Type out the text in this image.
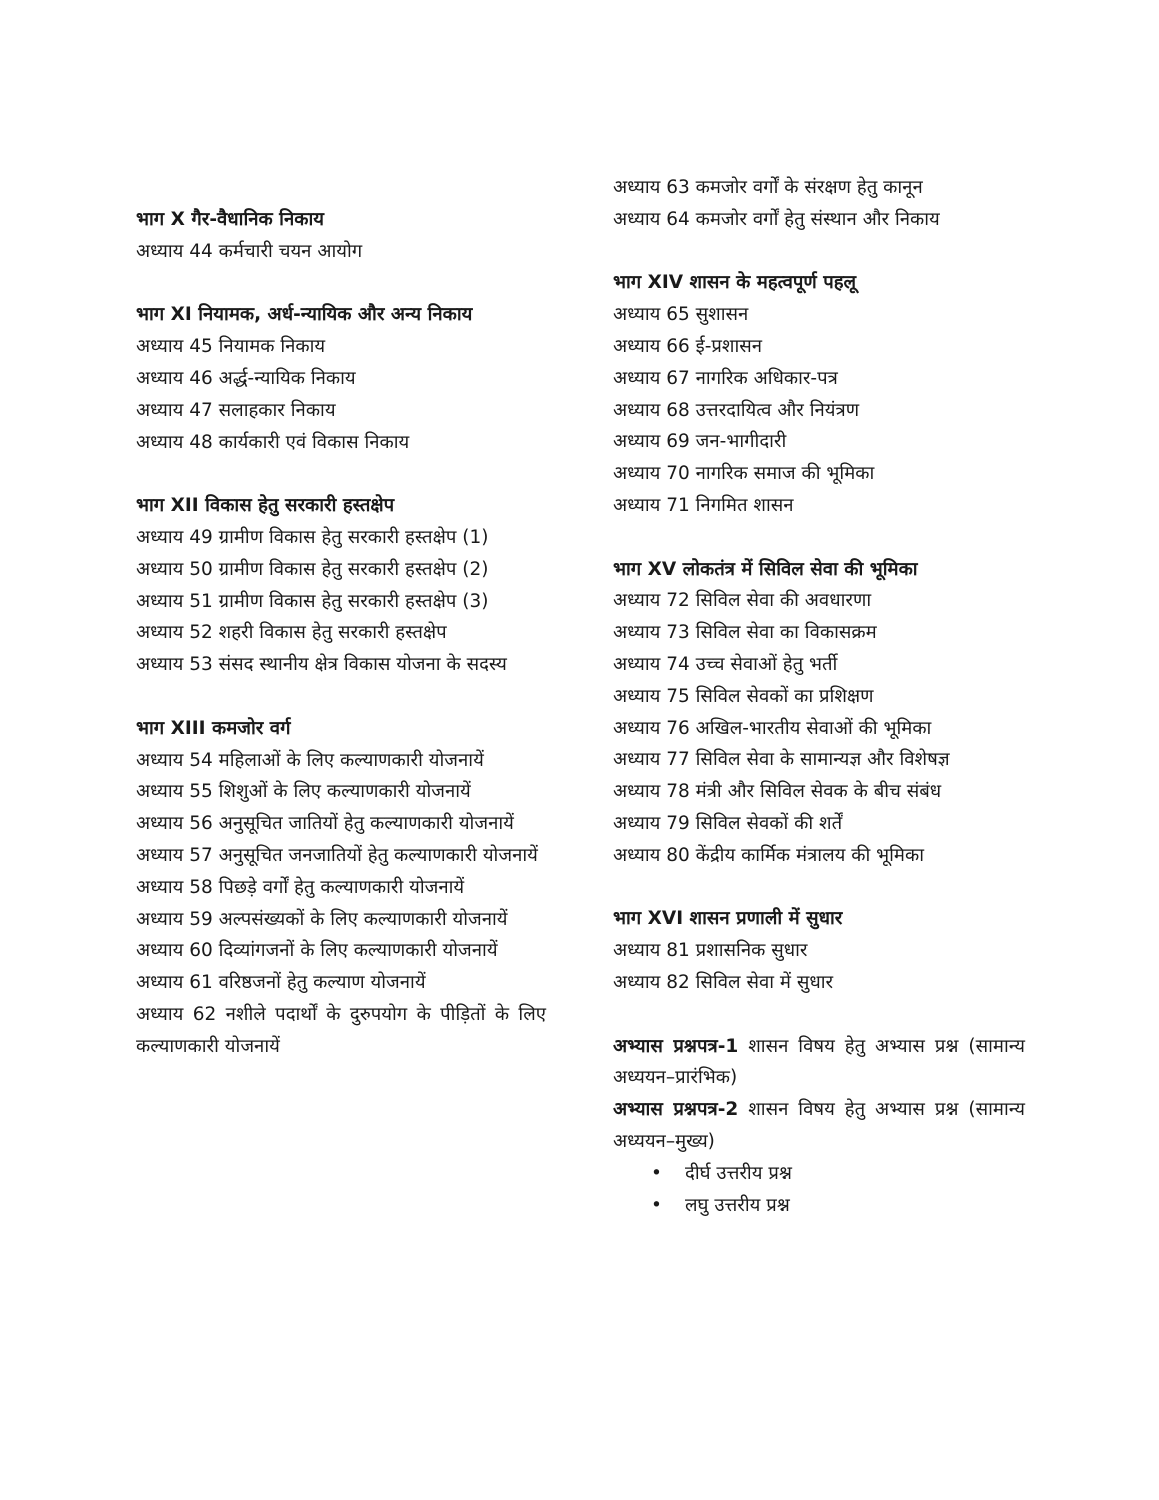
भाग X गैर-वैधानिक निकाय
अध्याय 44 कर्मचारी चयन आयोग
भाग XI नियामक, अर्ध-न्यायिक और अन्य निकाय
अध्याय 45 नियामक निकाय
अध्याय 46 अर्द्ध-न्यायिक निकाय
अध्याय 47 सलाहकार निकाय
अध्याय 48 कार्यकारी एवं विकास निकाय
भाग XII विकास हेतु सरकारी हस्तक्षेप
अध्याय 49 ग्रामीण विकास हेतु सरकारी हस्तक्षेप (1)
अध्याय 50 ग्रामीण विकास हेतु सरकारी हस्तक्षेप (2)
अध्याय 51 ग्रामीण विकास हेतु सरकारी हस्तक्षेप (3)
अध्याय 52 शहरी विकास हेतु सरकारी हस्तक्षेप
अध्याय 53 संसद स्थानीय क्षेत्र विकास योजना के सदस्य
भाग XIII कमजोर वर्ग
अध्याय 54 महिलाओं के लिए कल्याणकारी योजनायें
अध्याय 55 शिशुओं के लिए कल्याणकारी योजनायें
अध्याय 56 अनुसूचित जातियों हेतु कल्याणकारी योजनायें
अध्याय 57 अनुसूचित जनजातियों हेतु कल्याणकारी योजनायें
अध्याय 58 पिछड़े वर्गों हेतु कल्याणकारी योजनायें
अध्याय 59 अल्पसंख्यकों के लिए कल्याणकारी योजनायें
अध्याय 60 दिव्यांगजनों के लिए कल्याणकारी योजनायें
अध्याय 61 वरिष्ठजनों हेतु कल्याण योजनायें
अध्याय 62 नशीले पदार्थों के दुरुपयोग के पीड़ितों के लिए कल्याणकारी योजनायें
अध्याय 63 कमजोर वर्गों के संरक्षण हेतु कानून
अध्याय 64 कमजोर वर्गों हेतु संस्थान और निकाय
भाग XIV शासन के महत्वपूर्ण पहलू
अध्याय 65 सुशासन
अध्याय 66 ई-प्रशासन
अध्याय 67 नागरिक अधिकार-पत्र
अध्याय 68 उत्तरदायित्व और नियंत्रण
अध्याय 69 जन-भागीदारी
अध्याय 70 नागरिक समाज की भूमिका
अध्याय 71 निगमित शासन
भाग XV लोकतंत्र में सिविल सेवा की भूमिका
अध्याय 72 सिविल सेवा की अवधारणा
अध्याय 73 सिविल सेवा का विकासक्रम
अध्याय 74 उच्च सेवाओं हेतु भर्ती
अध्याय 75 सिविल सेवकों का प्रशिक्षण
अध्याय 76 अखिल-भारतीय सेवाओं की भूमिका
अध्याय 77 सिविल सेवा के सामान्यज्ञ और विशेषज्ञ
अध्याय 78 मंत्री और सिविल सेवक के बीच संबंध
अध्याय 79 सिविल सेवकों की शर्तें
अध्याय 80 केंद्रीय कार्मिक मंत्रालय की भूमिका
भाग XVI शासन प्रणाली में सुधार
अध्याय 81 प्रशासनिक सुधार
अध्याय 82 सिविल सेवा में सुधार
अभ्यास प्रश्नपत्र-1 शासन विषय हेतु अभ्यास प्रश्न (सामान्य अध्ययन–प्रारंभिक)
अभ्यास प्रश्नपत्र-2 शासन विषय हेतु अभ्यास प्रश्न (सामान्य अध्ययन–मुख्य)
• दीर्घ उत्तरीय प्रश्न
• लघु उत्तरीय प्रश्न
